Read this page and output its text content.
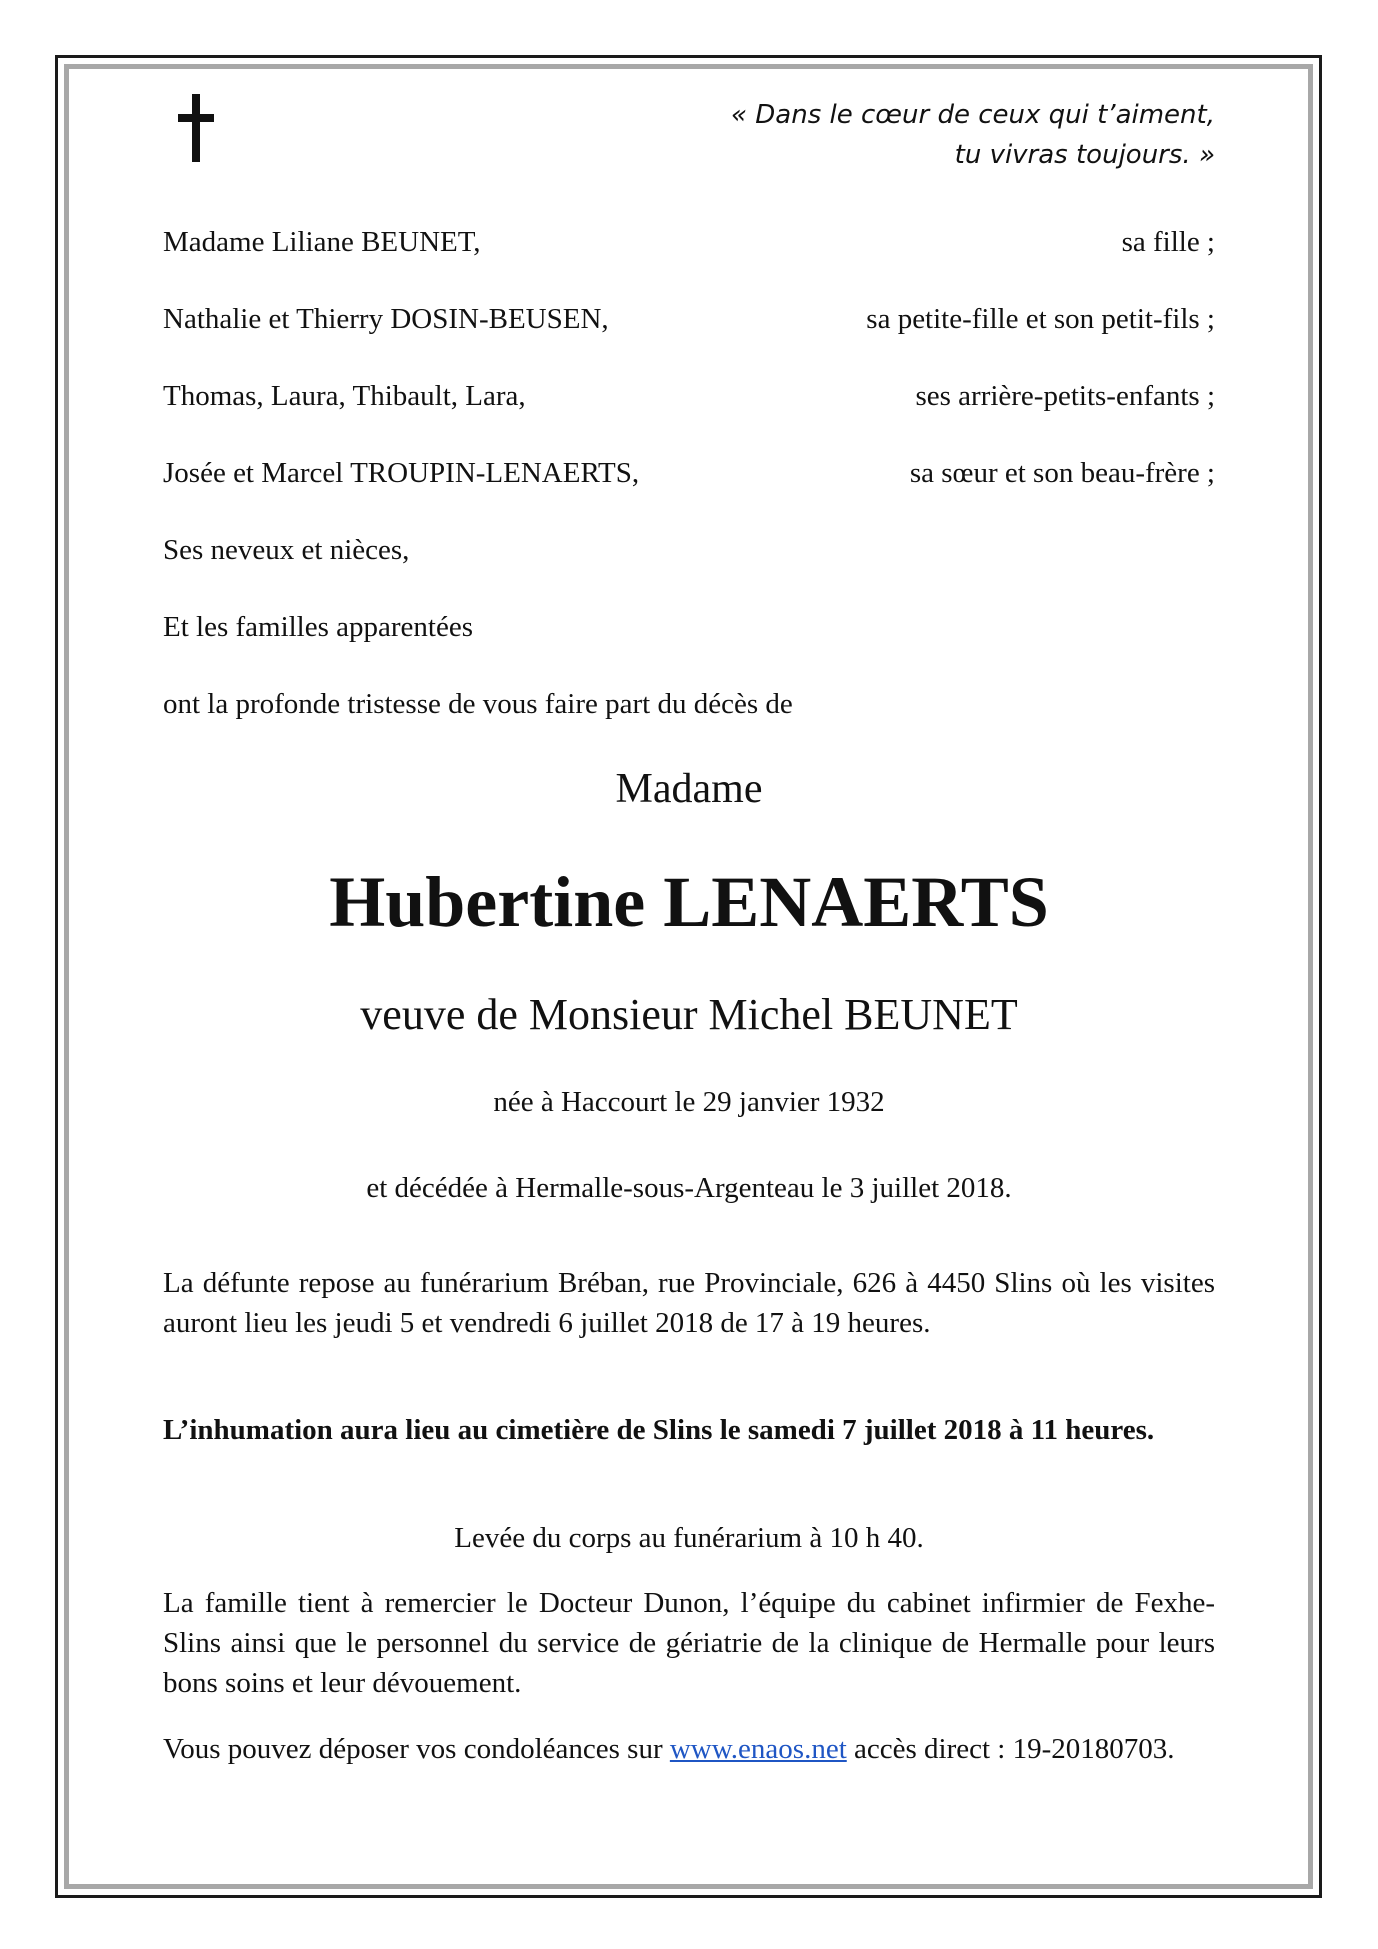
« Dans le cœur de ceux qui t’aiment,
tu vivras toujours. »
Madame Liliane BEUNET,	sa fille ;
Nathalie et Thierry DOSIN-BEUSEN,	sa petite-fille et son petit-fils ;
Thomas, Laura, Thibault, Lara,	ses arrière-petits-enfants ;
Josée et Marcel TROUPIN-LENAERTS,	sa sœur et son beau-frère ;
Ses neveux et nièces,
Et les familles apparentées
ont la profonde tristesse de vous faire part du décès de
Madame
Hubertine LENAERTS
veuve de Monsieur Michel BEUNET
née à Haccourt le 29 janvier 1932
et décédée à Hermalle-sous-Argenteau le 3 juillet 2018.
La défunte repose au funérarium Bréban, rue Provinciale, 626 à 4450 Slins où les visites auront lieu les jeudi 5 et vendredi 6 juillet 2018 de 17 à 19 heures.
L’inhumation aura lieu au cimetière de Slins le samedi 7 juillet 2018 à 11 heures.
Levée du corps au funérarium à 10 h 40.
La famille tient à remercier le Docteur Dunon, l’équipe du cabinet infirmier de Fexhe-Slins ainsi que le personnel du service de gériatrie de la clinique de Hermalle pour leurs bons soins et leur dévouement.
Vous pouvez déposer vos condoléances sur www.enaos.net accès direct : 19-20180703.
